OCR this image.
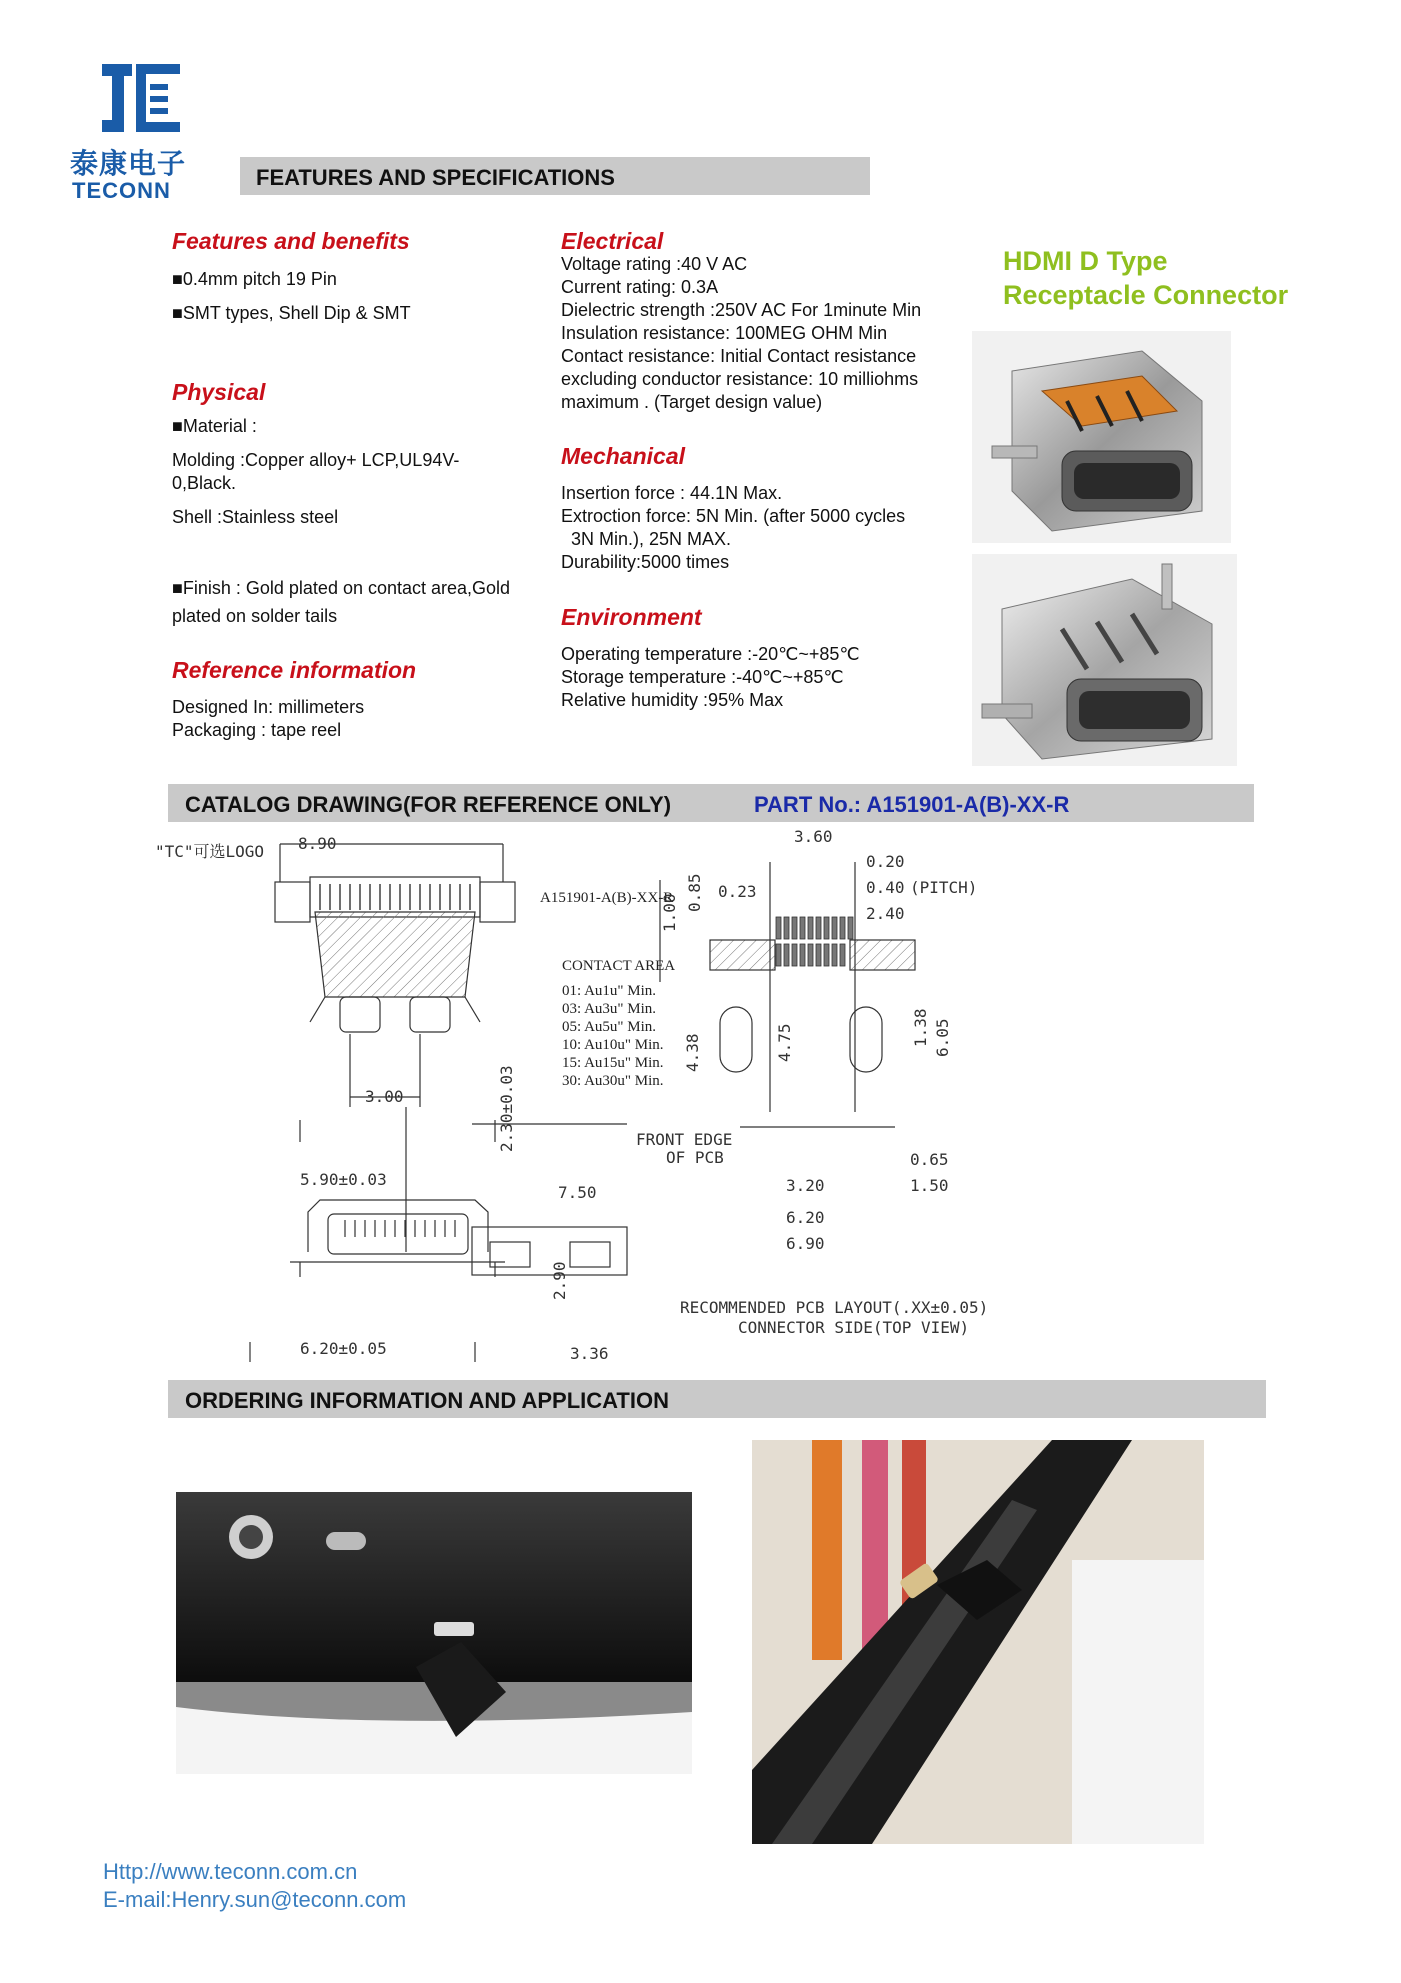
泰康电子
TECONN
FEATURES AND SPECIFICATIONS
Features and benefits
■0.4mm pitch 19 Pin
■SMT types, Shell Dip & SMT
Physical
■Material :
Molding :Copper alloy+ LCP,UL94V-
0,Black.
Shell :Stainless steel
■Finish : Gold plated on contact area,Gold
plated on solder tails
Reference information
Designed In: millimeters
Packaging : tape reel
Electrical
Voltage rating :40 V AC
Current rating: 0.3A
Dielectric strength :250V AC For 1minute Min
Insulation resistance: 100MEG OHM Min
Contact resistance: Initial Contact resistance
excluding conductor resistance: 10 milliohms
maximum . (Target design value)
Mechanical
Insertion force : 44.1N Max.
Extroction force: 5N Min. (after 5000 cycles
3N Min.), 25N MAX.
Durability:5000 times
Environment
Operating temperature :-20℃~+85℃
Storage temperature :-40℃~+85℃
Relative humidity :95% Max
HDMI D Type
Receptacle Connector
CATALOG DRAWING(FOR REFERENCE ONLY)	PART No.: A151901-A(B)-XX-R
8.90
"TC"可选LOGO
3.00
A151901-A(B)-XX-R
CONTACT AREA
01: Au1u" Min.
03: Au3u" Min.
05: Au5u" Min.
10: Au10u" Min.
15: Au15u" Min.
30: Au30u" Min.
5.90±0.03
2.30±0.03
6.20±0.05
7.50
2.90
3.36
3.60
0.20
0.40 (PITCH)
0.23
2.40
1.00
0.85
4.38	4.75	1.38 6.05
FRONT EDGE
OF PCB	0.65
1.50
3.20
6.20
6.90
RECOMMENDED PCB LAYOUT(.XX±0.05)
CONNECTOR SIDE(TOP VIEW)
ORDERING INFORMATION AND APPLICATION
Http://www.teconn.com.cn
E-mail:Henry.sun@teconn.com
